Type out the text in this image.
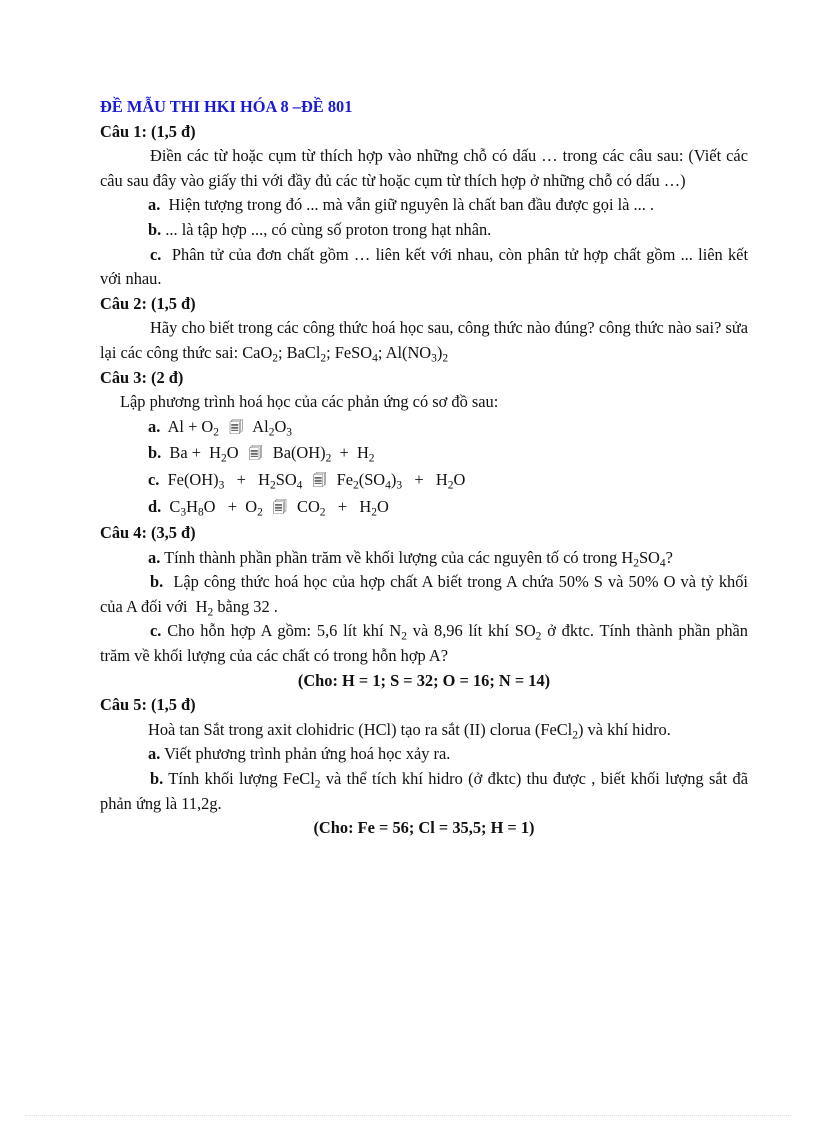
ĐỀ MẪU THI HKI HÓA 8 –ĐỀ 801

Câu 1: (1,5 đ)

Điền các từ hoặc cụm từ thích hợp vào những chỗ có dấu … trong các câu sau: (Viết các câu sau đây vào giấy thi với đầy đủ các từ hoặc cụm từ thích hợp ở những chỗ có dấu …)

a. Hiện tượng trong đó ... mà vẫn giữ nguyên là chất ban đầu được gọi là ... .

b. ... là tập hợp ..., có cùng số proton trong hạt nhân.

c. Phân tử của đơn chất gồm … liên kết với nhau, còn phân tử hợp chất gồm ... liên kết với nhau.

Câu 2: (1,5 đ)

Hãy cho biết trong các công thức hoá học sau, công thức nào đúng? công thức nào sai? sửa lại các công thức sai: CaO$_2$; BaCl$_2$; FeSO$_4$; $Al(NO_3)_2$

Câu 3: (2 đ)

Lập phương trình hoá học của các phản ứng có sơ đồ sau:

a.  $Al + O_2$ 🗐 $Al_2O_3$

b.  $Ba + H_2O$ 🗐 $Ba(OH)_2 + H_2$

c.  $Fe(OH)_3 + H_2SO_4$ 🗐 $Fe_2(SO_4)_3 + H_2O$

d.  $C_3H_8O + O_2$ 🗐 $CO_2 + H_2O$

Câu 4: (3,5 đ)

a. Tính thành phần phần trăm về khối lượng của các nguyên tố có trong $H_2SO_4$?

b. Lập công thức hoá học của hợp chất A biết trong A chứa 50% S và 50% O và tỷ khối của A đối với  $H_2$ bằng 32 .

c. Cho hỗn hợp A gồm: 5,6 lít khí $N_2$ và 8,96 lít khí $SO_2$ ở đktc. Tính thành phần phần trăm về khối lượng của các chất có trong hỗn hợp A?

(Cho: H = 1; S = 32; O = 16; N = 14)

Câu 5: (1,5 đ)

Hoà tan Sắt trong axit clohidric (HCl) tạo ra sắt (II) clorua (FeCl$_2$) và khí hidro.

a. Viết phương trình phản ứng hoá học xảy ra.

b. Tính khối lượng FeCl$_2$ và thể tích khí hidro (ở đktc) thu được , biết khối lượng sắt đã phản ứng là 11,2g.

(Cho: Fe = 56; Cl = 35,5; H = 1)
